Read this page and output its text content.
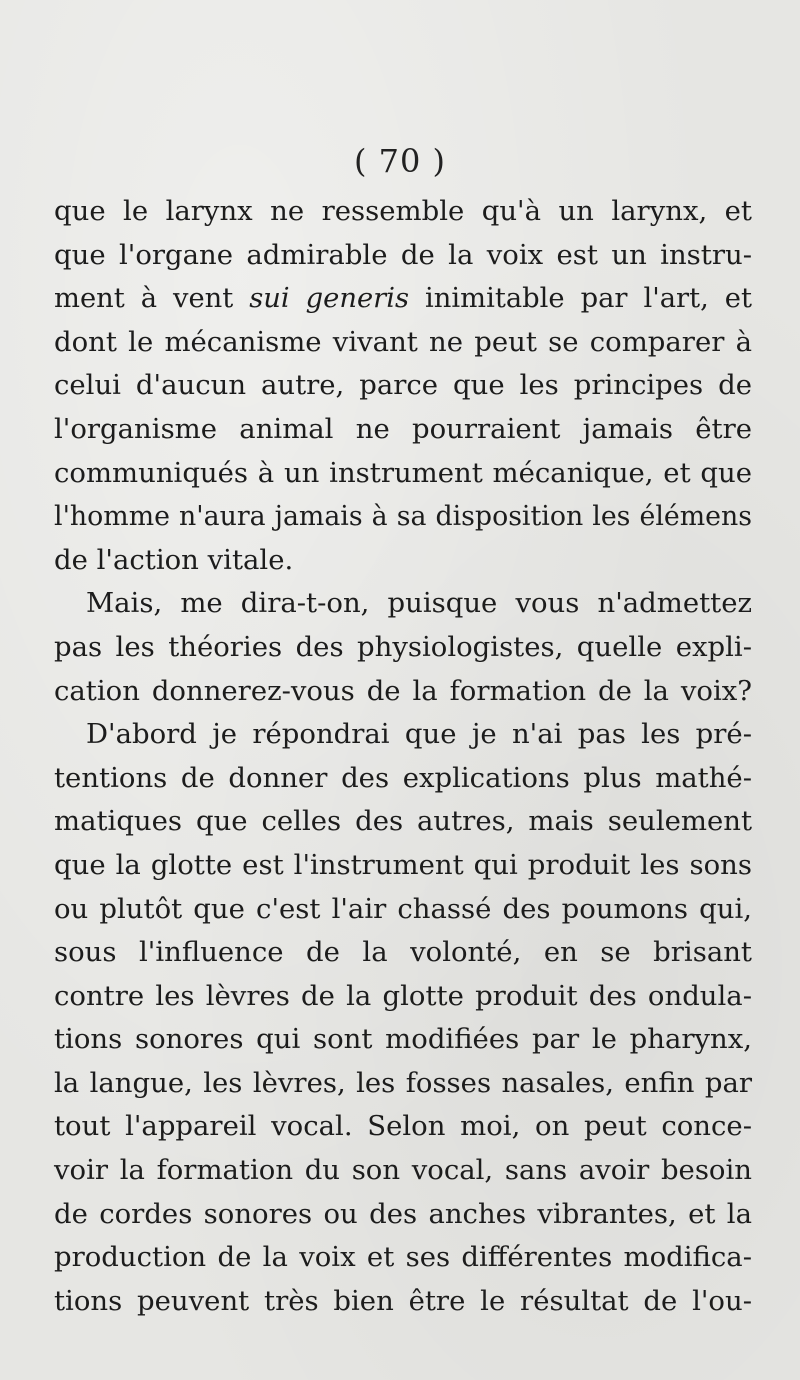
( 70 )
que le larynx ne ressemble qu'à un larynx, et
que l'organe admirable de la voix est un instru-
ment à vent sui generis inimitable par l'art, et
dont le mécanisme vivant ne peut se comparer à
celui d'aucun autre, parce que les principes de
l'organisme animal ne pourraient jamais être
communiqués à un instrument mécanique, et que
l'homme n'aura jamais à sa disposition les élémens
de l'action vitale.
Mais, me dira-t-on, puisque vous n'admettez
pas les théories des physiologistes, quelle expli-
cation donnerez-vous de la formation de la voix?
D'abord je répondrai que je n'ai pas les pré-
tentions de donner des explications plus mathé-
matiques que celles des autres, mais seulement
que la glotte est l'instrument qui produit les sons
ou plutôt que c'est l'air chassé des poumons qui,
sous l'influence de la volonté, en se brisant
contre les lèvres de la glotte produit des ondula-
tions sonores qui sont modifiées par le pharynx,
la langue, les lèvres, les fosses nasales, enfin par
tout l'appareil vocal. Selon moi, on peut conce-
voir la formation du son vocal, sans avoir besoin
de cordes sonores ou des anches vibrantes, et la
production de la voix et ses différentes modifica-
tions peuvent très bien être le résultat de l'ou-
